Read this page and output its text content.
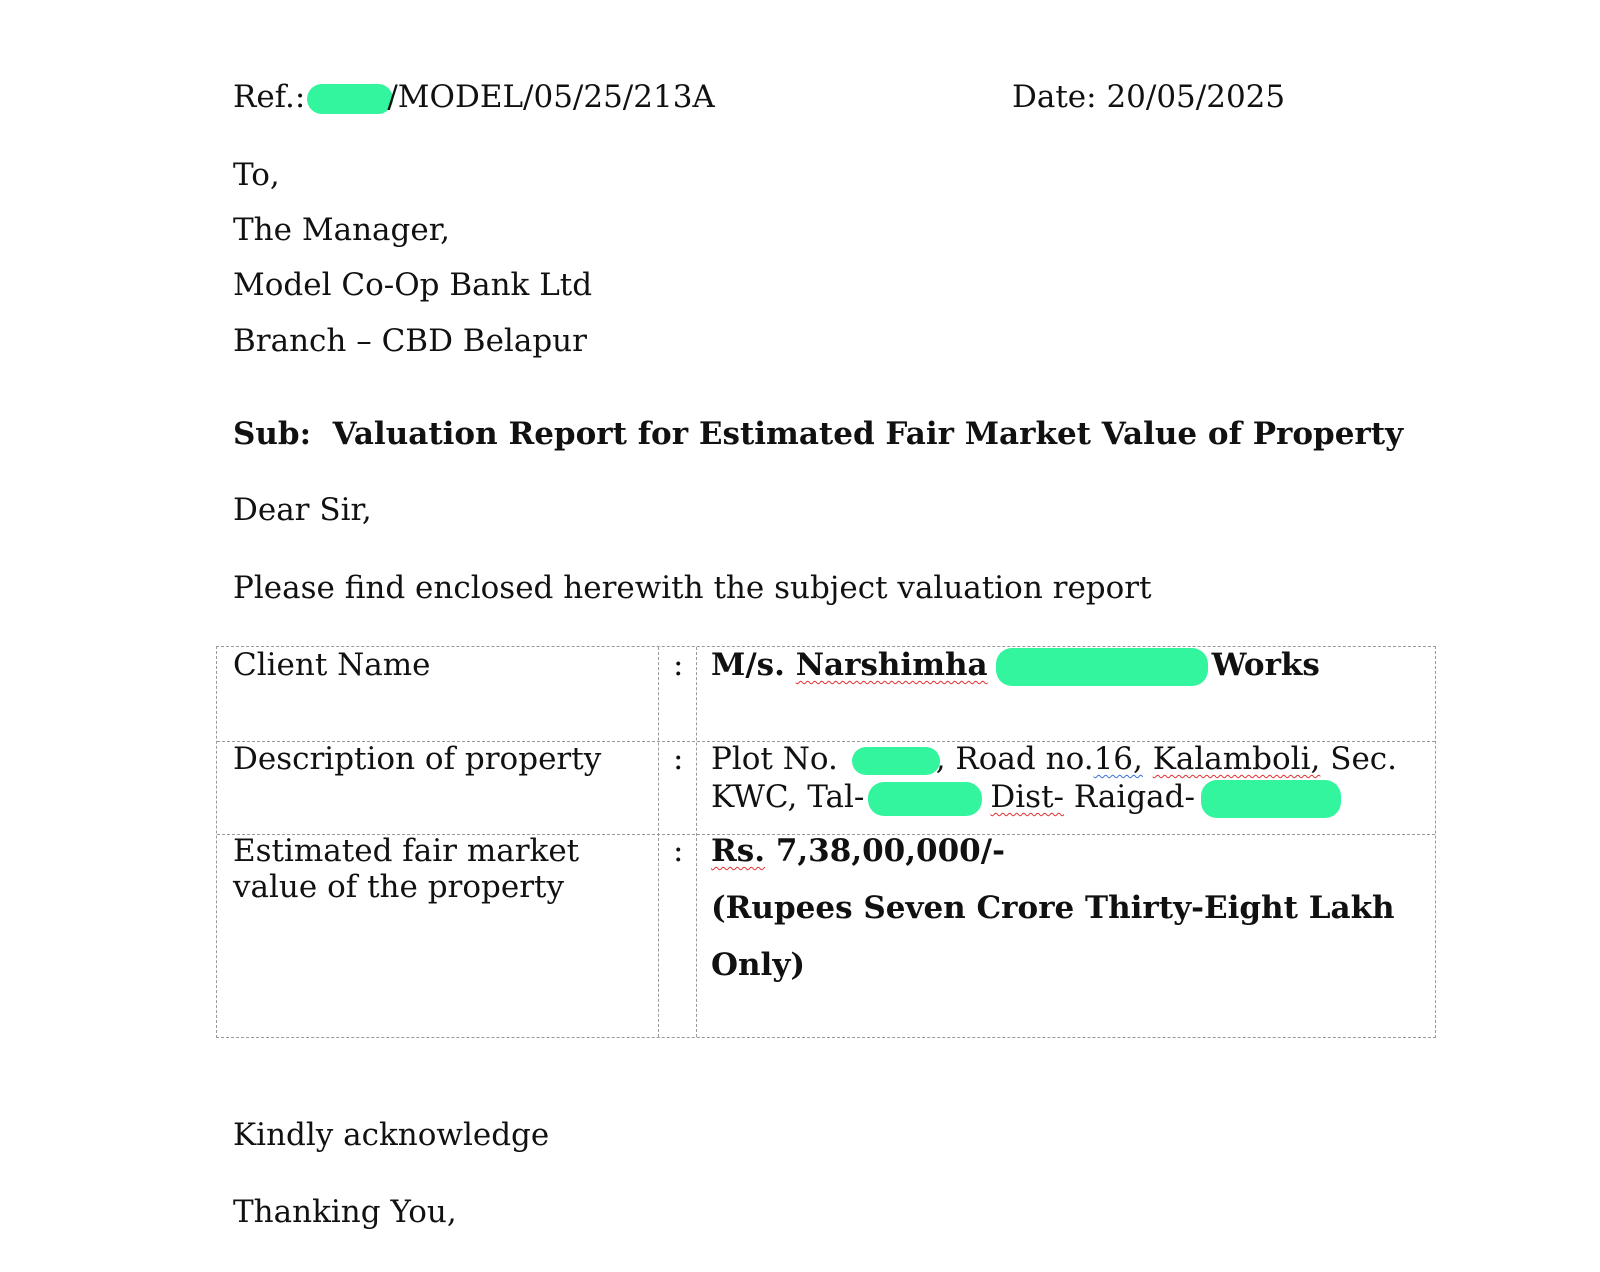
Ref.:	/MODEL/05/25/213A	Date: 20/05/2025
To,
The Manager,
Model Co-Op Bank Ltd
Branch – CBD Belapur
Sub: Valuation Report for Estimated Fair Market Value of Property
Dear Sir,
Please find enclosed herewith the subject valuation report
Client Name	: M/s. Narshimha	Works
Description of property : Plot No.	, Road no.16, Kalamboli, Sec.
KWC, Tal-	Dist- Raigad-
Estimated fair market
value of the property
: Rs. 7,38,00,000/-
(Rupees Seven Crore Thirty-Eight Lakh
Only)
Kindly acknowledge
Thanking You,
